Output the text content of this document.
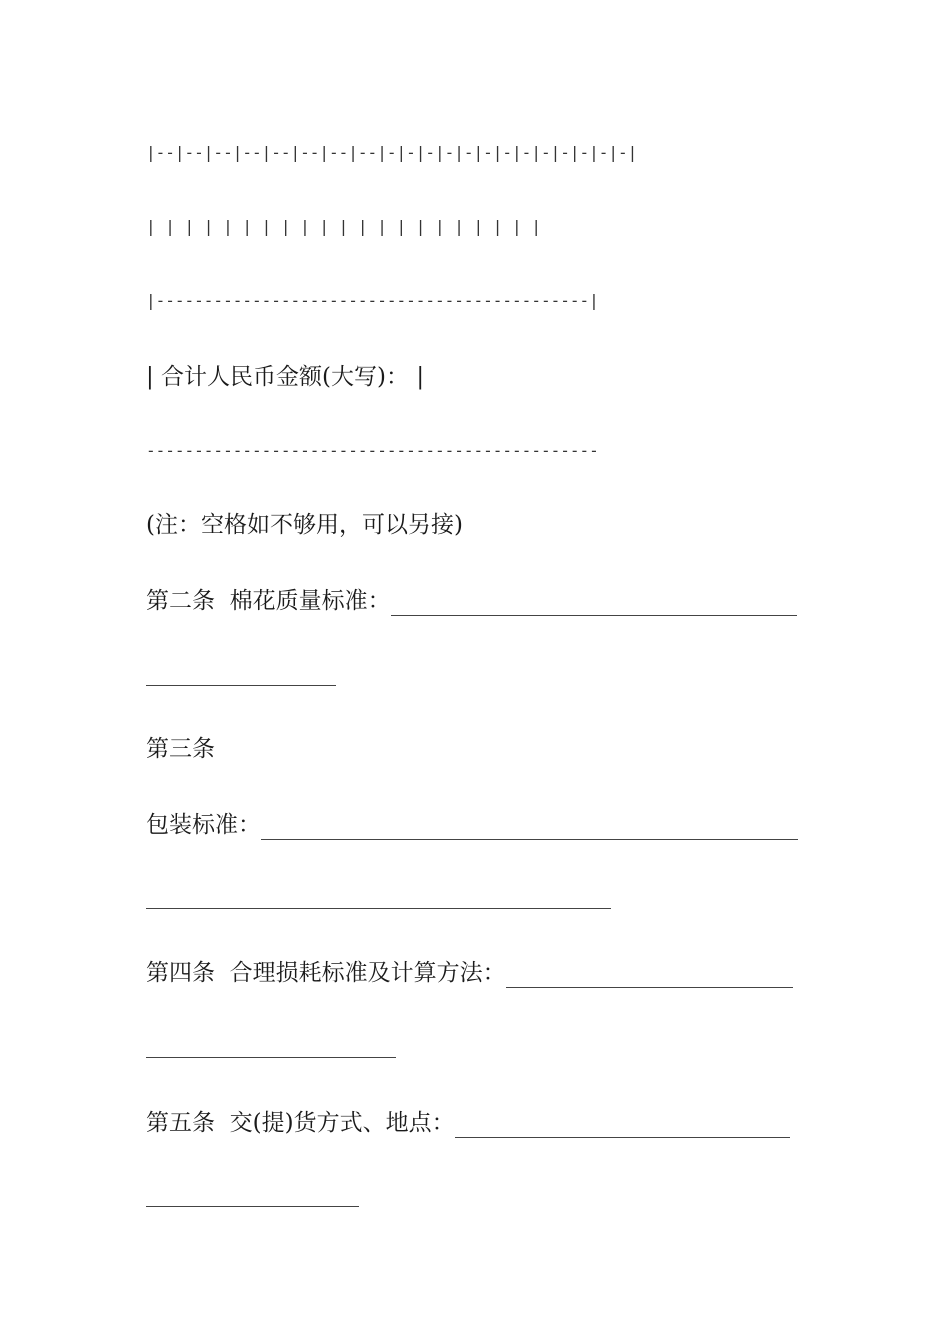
|--|--|--|--|--|--|--|--|-|-|-|-|-|-|-|-|-|-|-|-|-|
| | | | | | | | | | | | | | | | | | | | |
|---------------------------------------------|
| 合计人民币金额(大写)： |
-----------------------------------------------
(注：空格如不够用，可以另接)
第二条  棉花质量标准：
第三条
包装标准：
第四条  合理损耗标准及计算方法：
第五条  交(提)货方式、地点：
